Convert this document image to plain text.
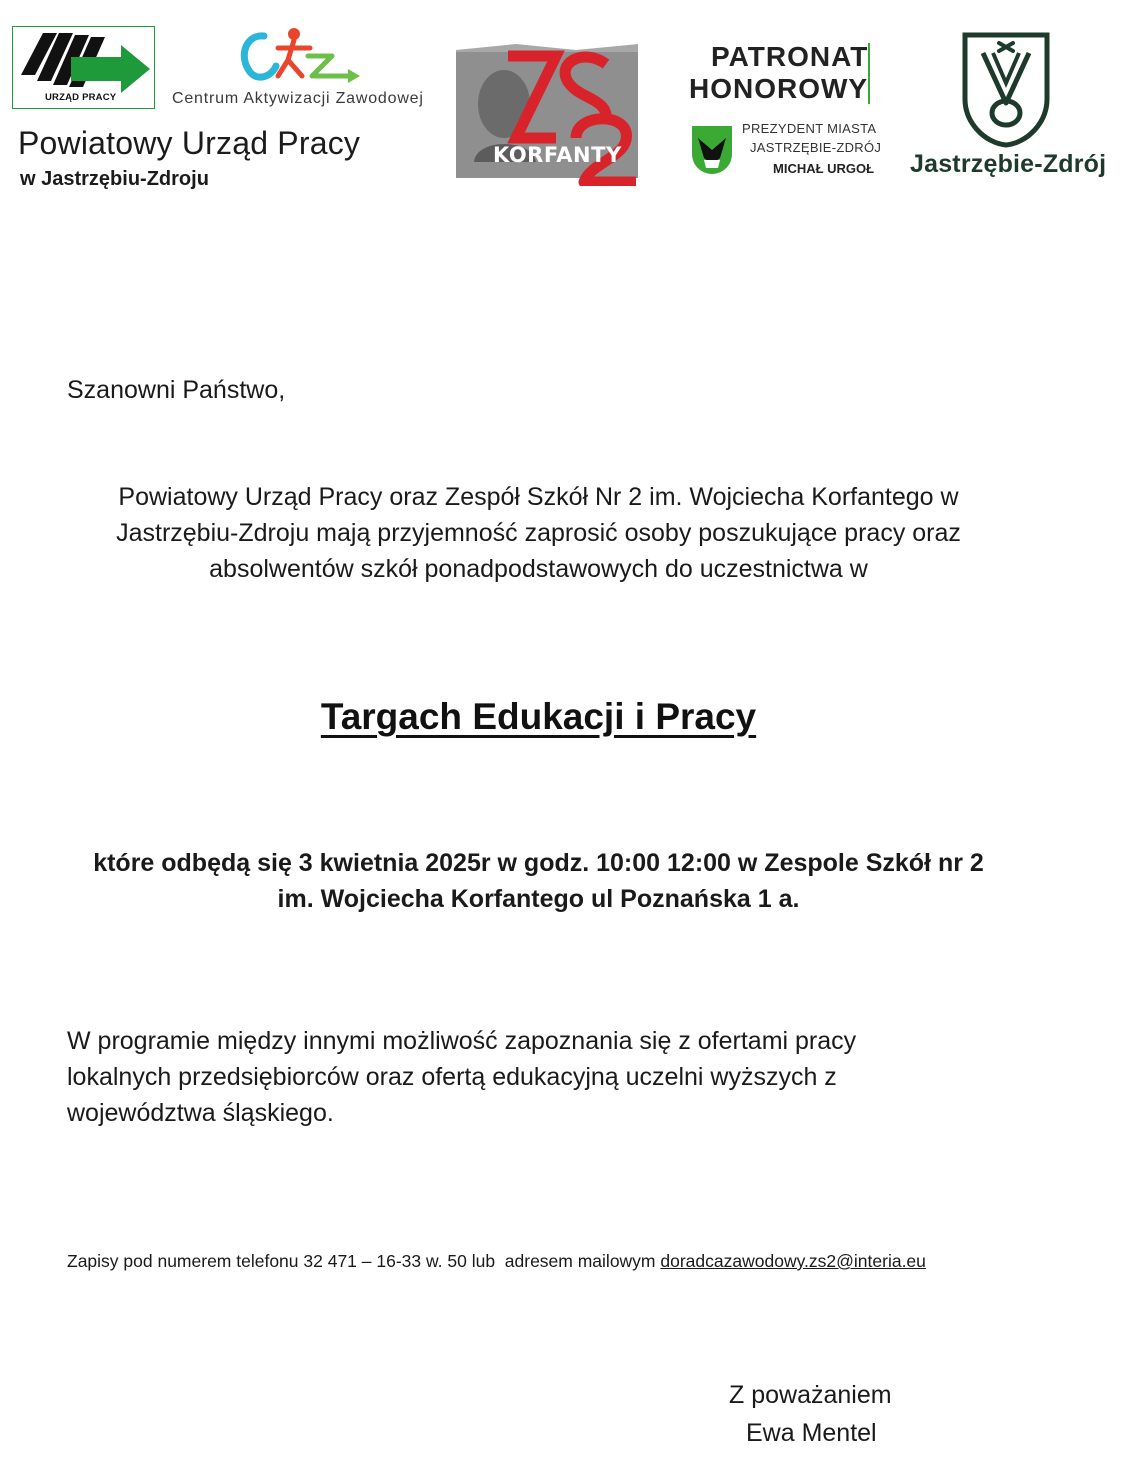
URZĄD PRACY
Powiatowy Urząd Pracy
w Jastrzębiu-Zdroju
Centrum Aktywizacji Zawodowej
KORFANTY
PATRONAT
HONOROWY
PREZYDENT MIASTA
JASTRZĘBIE-ZDRÓJ
MICHAŁ URGOŁ Jastrzębie-Zdrój
Szanowni Państwo,
Powiatowy Urząd Pracy oraz Zespół Szkół Nr 2 im. Wojciecha Korfantego w
Jastrzębiu-Zdroju mają przyjemność zaprosić osoby poszukujące pracy oraz
absolwentów szkół ponadpodstawowych do uczestnictwa w
Targach Edukacji i Pracy
które odbędą się 3 kwietnia 2025r w godz. 10:00 12:00 w Zespole Szkół nr 2
im. Wojciecha Korfantego ul Poznańska 1 a.
W programie między innymi możliwość zapoznania się z ofertami pracy
lokalnych przedsiębiorców oraz ofertą edukacyjną uczelni wyższych z
województwa śląskiego.
Zapisy pod numerem telefonu 32 471 – 16-33 w. 50 lub  adresem mailowym doradcazawodowy.zs2@interia.eu
Z poważaniem
Ewa Mentel
